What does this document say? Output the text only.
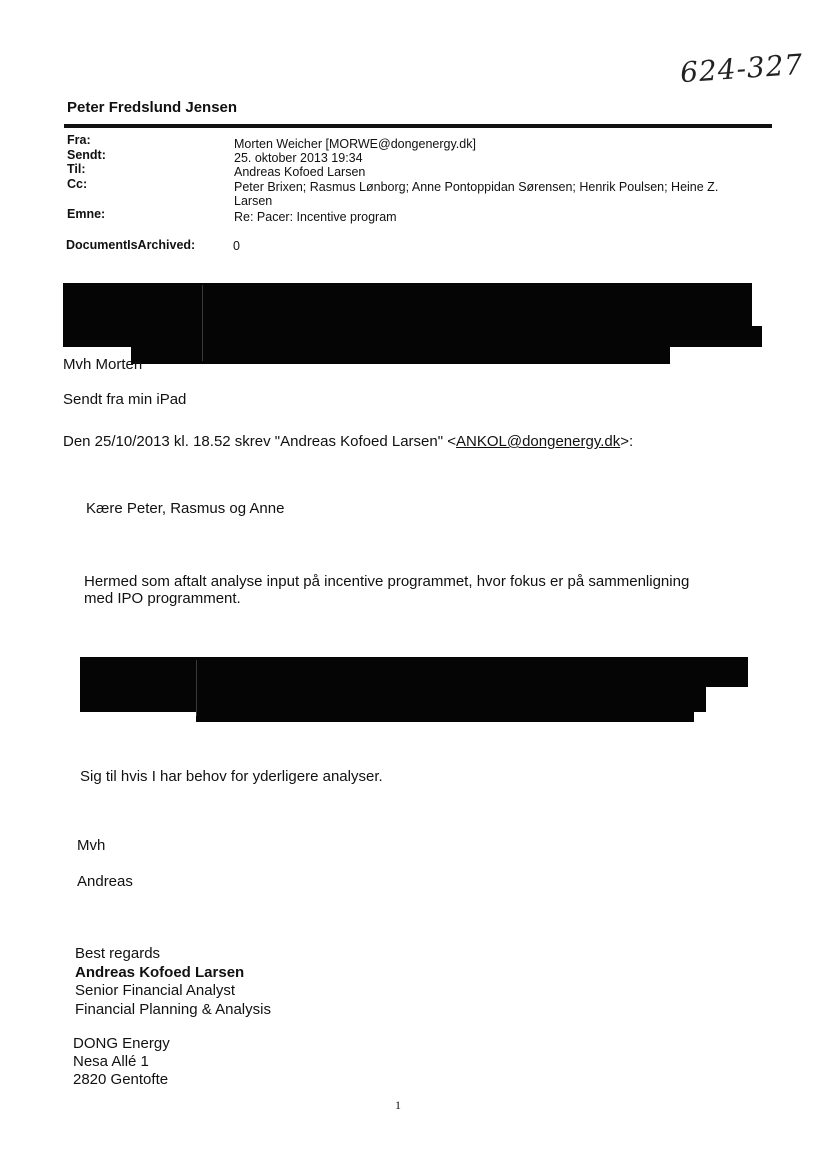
624-327
Peter Fredslund Jensen
Fra:
Sendt:
Til:
Cc:
Emne:
DocumentIsArchived:
Morten Weicher [MORWE@dongenergy.dk]
25. oktober 2013 19:34
Andreas Kofoed Larsen
Peter Brixen; Rasmus Lønborg; Anne Pontoppidan Sørensen; Henrik Poulsen; Heine Z.
Larsen
Re: Pacer: Incentive program
0
Mvh Morten
Sendt fra min iPad
Den 25/10/2013 kl. 18.52 skrev "Andreas Kofoed Larsen" <ANKOL@dongenergy.dk>:
Kære Peter, Rasmus og Anne
Hermed som aftalt analyse input på incentive programmet, hvor fokus er på sammenligning
med IPO programment.
Sig til hvis I har behov for yderligere analyser.
Mvh
Andreas
Best regards
Andreas Kofoed Larsen
Senior Financial Analyst
Financial Planning & Analysis
DONG Energy
Nesa Allé 1
2820 Gentofte
1
